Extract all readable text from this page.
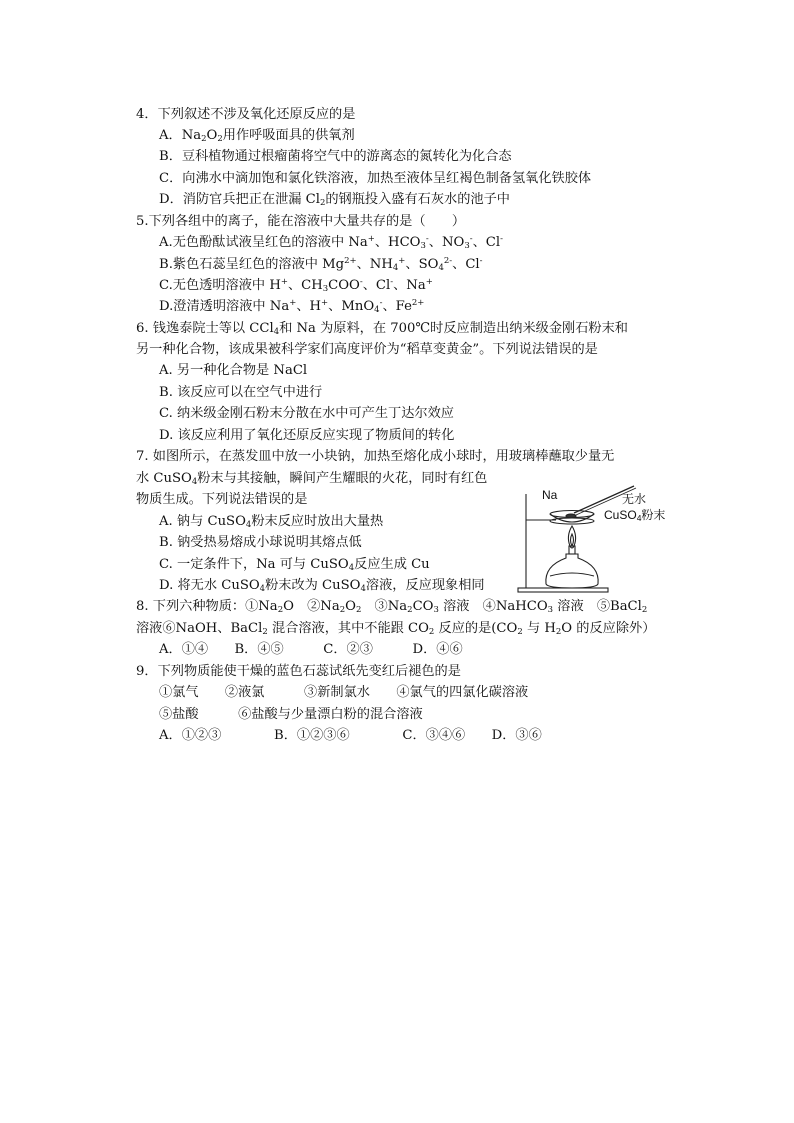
4．下列叙述不涉及氧化还原反应的是
A．$Na_2O_2$用作呼吸面具的供氧剂
B．豆科植物通过根瘤菌将空气中的游离态的氮转化为化合态
C．向沸水中滴加饱和氯化铁溶液，加热至液体呈红褐色制备氢氧化铁胶体
D．消防官兵把正在泄漏 $Cl_2$的钢瓶投入盛有石灰水的池子中
5.下列各组中的离子，能在溶液中大量共存的是（　　）
A.无色酚酞试液呈红色的溶液中 Na+、$HCO_3^-$、$NO_3^-$、Cl-
B.紫色石蕊呈红色的溶液中 $Mg^{2+}$、$NH_4^+$、$SO_4^{2-}$、Cl-
C.无色透明溶液中 H+、$CH_3COO^-$、Cl-、Na+
D.澄清透明溶液中 Na+、H+、MnO$_4$-、$Fe^{2+}$
6. 钱逸泰院士等以 CCl$_4$和 Na 为原料，在 700℃时反应制造出纳米级金刚石粉末和
另一种化合物，该成果被科学家们高度评价为“稻草变黄金”。下列说法错误的是
A. 另一种化合物是 NaCl
B. 该反应可以在空气中进行
C. 纳米级金刚石粉末分散在水中可产生丁达尔效应
D. 该反应利用了氧化还原反应实现了物质间的转化
7. 如图所示，在蒸发皿中放一小块钠，加热至熔化成小球时，用玻璃棒蘸取少量无
水 CuSO$_4$粉末与其接触，瞬间产生耀眼的火花，同时有红色
物质生成。下列说法错误的是
A. 钠与 CuSO$_4$粉末反应时放出大量热
B. 钠受热易熔成小球说明其熔点低
C. 一定条件下，Na 可与 CuSO$_4$反应生成 Cu
D. 将无水 CuSO$_4$粉末改为 CuSO$_4$溶液，反应现象相同
Na	无水
CuSO$_4$粉末
8. 下列六种物质：$①Na_2O$　$②Na_2O_2$　$③Na_2CO_3$ 溶液　④NaHCO$_3$ 溶液　⑤BaCl$_2$
溶液⑥NaOH、BaCl$_2$ 混合溶液，其中不能跟 $CO_2$ 反应的是($CO_2$ 与 $H_2O$ 的反应除外）
A．①④　　B．④⑤　　　C．②③　　　D．④⑥
9．下列物质能使干燥的蓝色石蕊试纸先变红后褪色的是
①氯气　　②液氯　　　③新制氯水　　④氯气的四氯化碳溶液
⑤盐酸　　　⑥盐酸与少量漂白粉的混合溶液
A．①②③　　　　B．①②③⑥　　　　C．③④⑥　　D．③⑥
